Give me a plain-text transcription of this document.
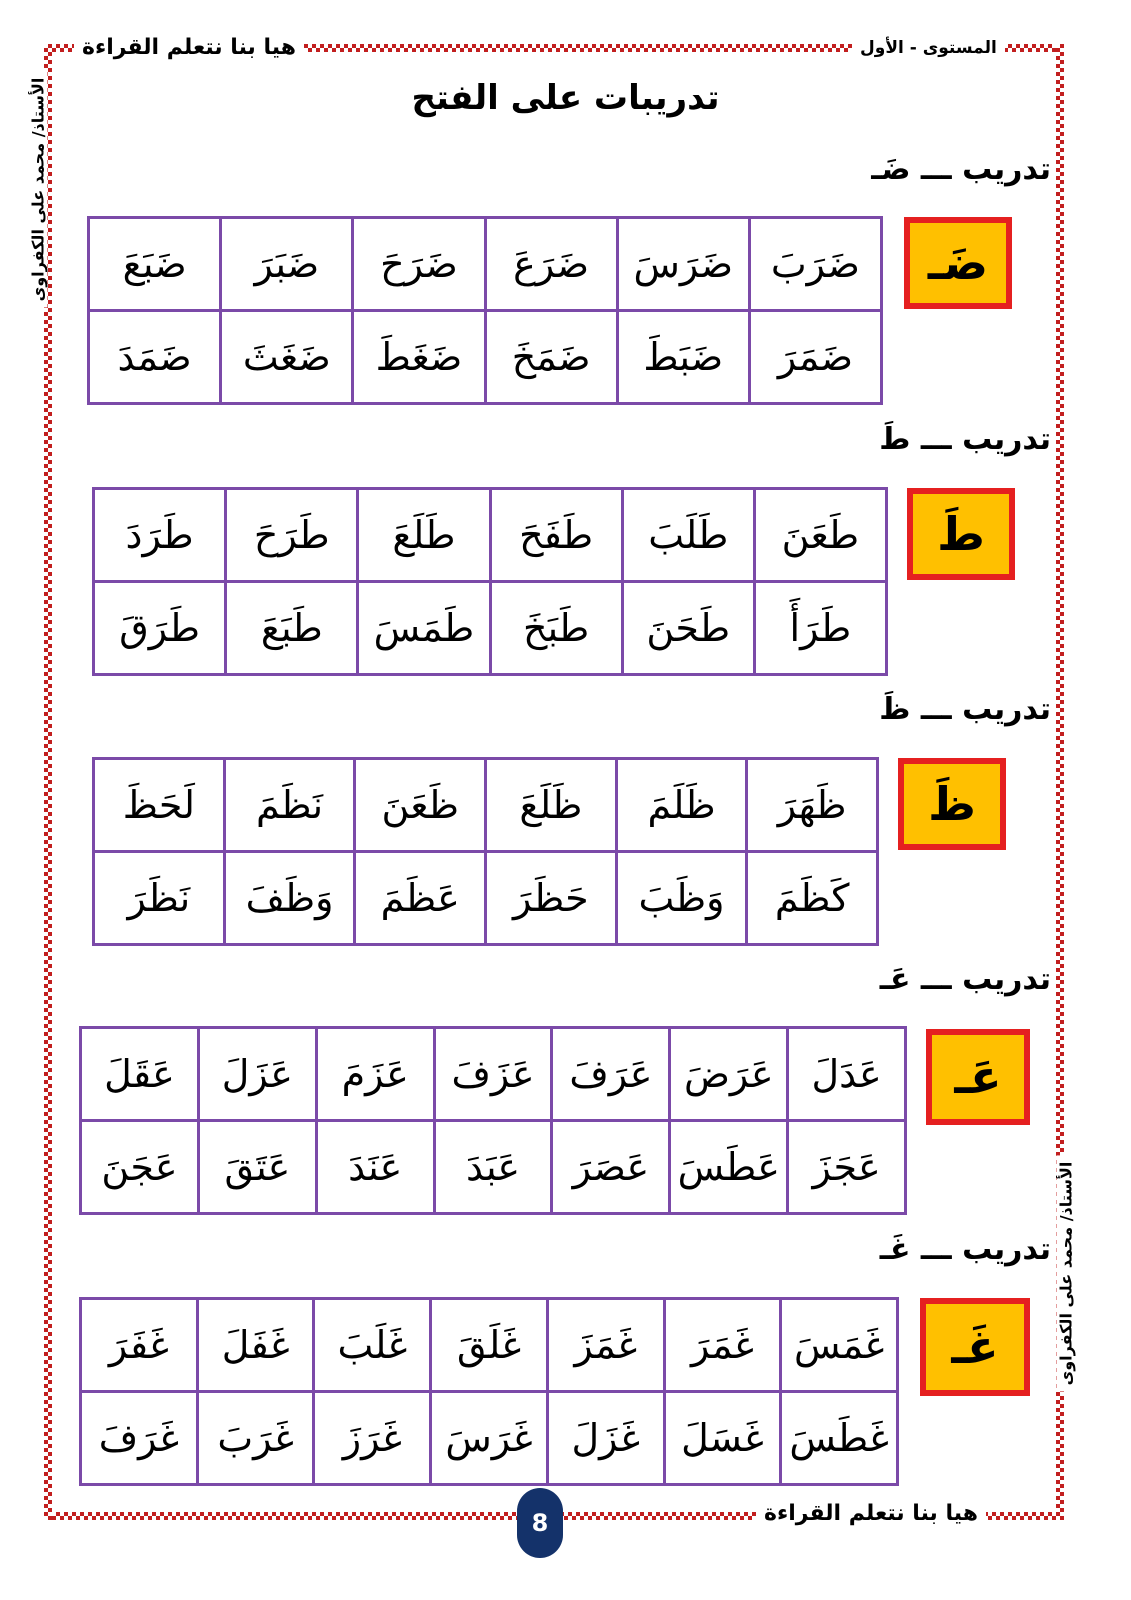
هيا بنا نتعلم القراءة	المستوى - الأول
الأستاذ/ محمد على الكفراوى
الأستاذ/ محمد على الكفراوى
تدريبات على الفتح
تدريب ـــ ضَـ
ضَـ
ضَرَبَ	ضَرَسَ	ضَرَعَ	ضَرَحَ	ضَبَرَ	ضَبَعَ
ضَمَرَ	ضَبَطَ	ضَمَخَ	ضَغَطَ	ضَغَثَ	ضَمَدَ
تدريب ـــ طَ
طَ
طَعَنَ	طَلَبَ	طَفَحَ	طَلَعَ	طَرَحَ	طَرَدَ
طَرَأَ	طَحَنَ	طَبَخَ	طَمَسَ	طَبَعَ	طَرَقَ
تدريب ـــ ظَ
ظَ
ظَهَرَ	ظَلَمَ	ظَلَعَ	ظَعَنَ	نَظَمَ	لَحَظَ
كَظَمَ	وَظَبَ	حَظَرَ	عَظَمَ	وَظَفَ	نَظَرَ
تدريب ـــ عَـ
عَـ
عَدَلَ	عَرَضَ	عَرَفَ	عَزَفَ	عَزَمَ	عَزَلَ	عَقَلَ
عَجَزَ	عَطَسَ	عَصَرَ	عَبَدَ	عَنَدَ	عَتَقَ	عَجَنَ
تدريب ـــ غَـ
غَـ
غَمَسَ	غَمَرَ	غَمَزَ	غَلَقَ	غَلَبَ	غَفَلَ	غَفَرَ
غَطَسَ	غَسَلَ	غَزَلَ	غَرَسَ	غَرَزَ	غَرَبَ	غَرَفَ
هيا بنا نتعلم القراءة
8
